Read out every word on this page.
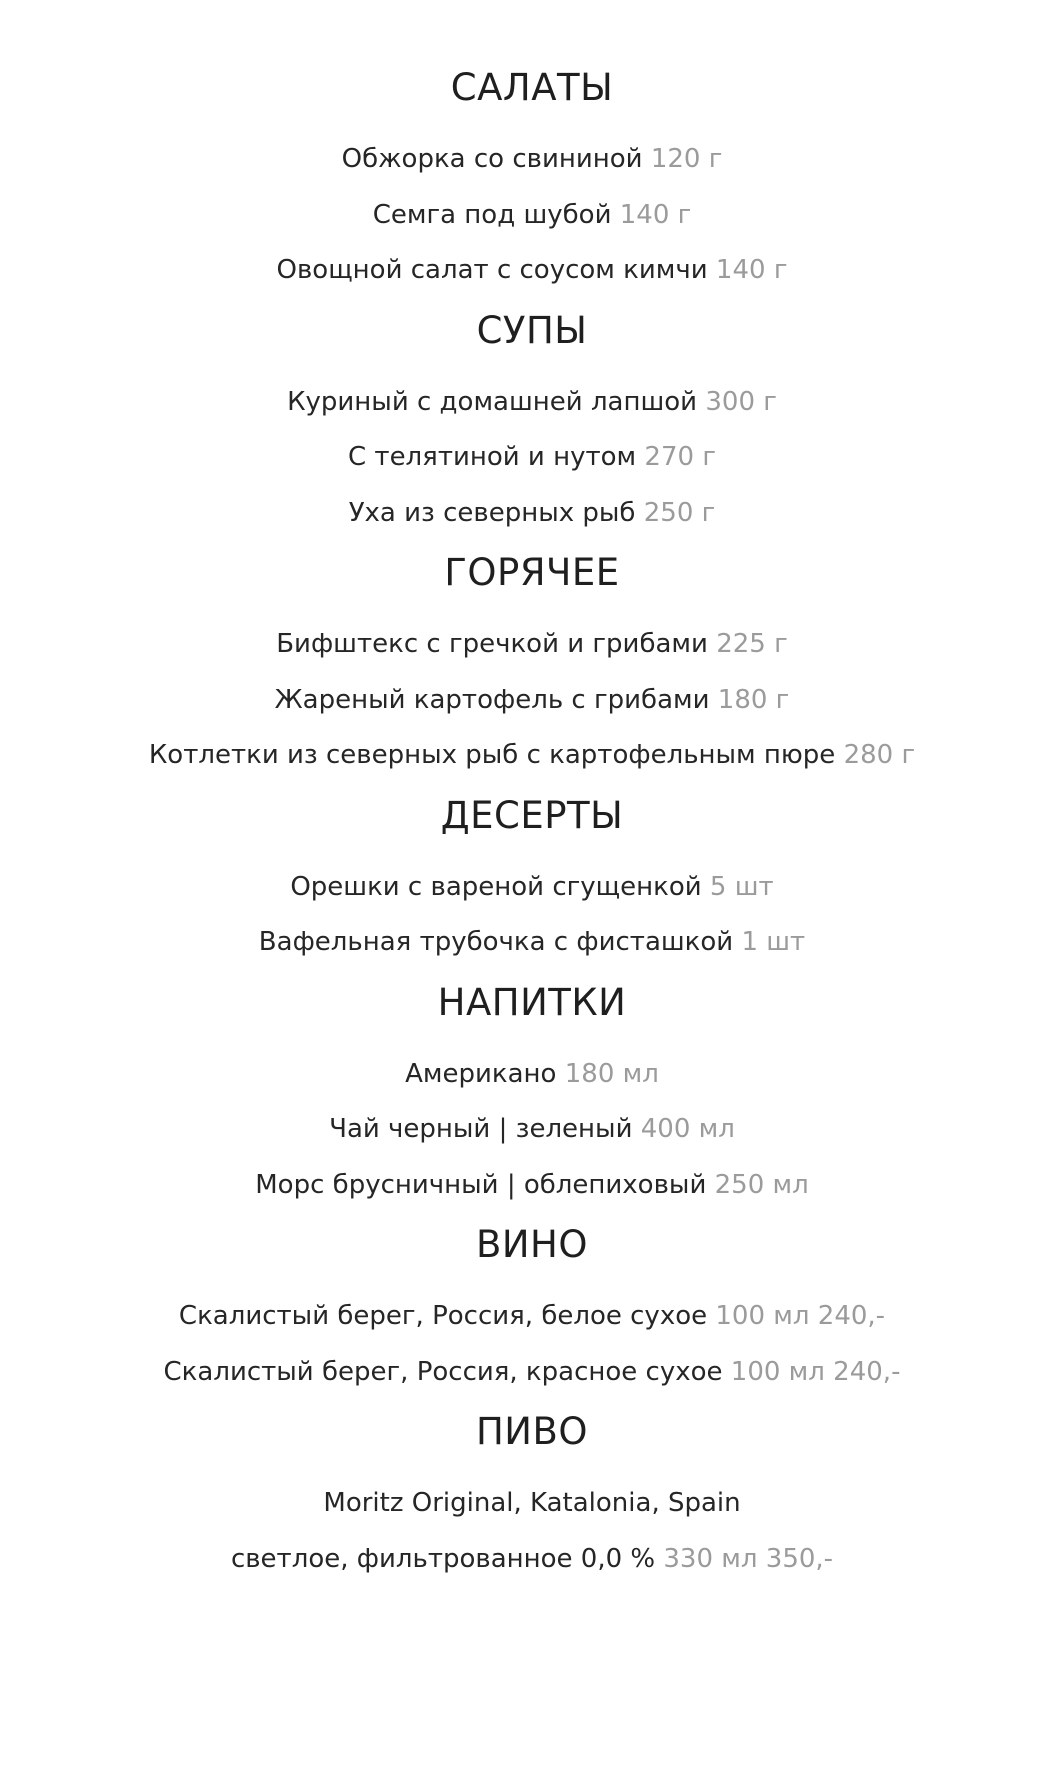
САЛАТЫ
Обжорка со свининой 120 г
Семга под шубой 140 г
Овощной салат с соусом кимчи 140 г
СУПЫ
Куриный с домашней лапшой 300 г
С телятиной и нутом 270 г
Уха из северных рыб 250 г
ГОРЯЧЕЕ
Бифштекс с гречкой и грибами 225 г
Жареный картофель с грибами 180 г
Котлетки из северных рыб с картофельным пюре 280 г
ДЕСЕРТЫ
Орешки с вареной сгущенкой 5 шт
Вафельная трубочка с фисташкой 1 шт
НАПИТКИ
Американо 180 мл
Чай черный | зеленый 400 мл
Морс брусничный | облепиховый 250 мл
ВИНО
Скалистый берег, Россия, белое сухое 100 мл 240,-
Скалистый берег, Россия, красное сухое 100 мл 240,-
ПИВО
Moritz Original, Katalonia, Spain
светлое, фильтрованное 0,0 % 330 мл 350,-
